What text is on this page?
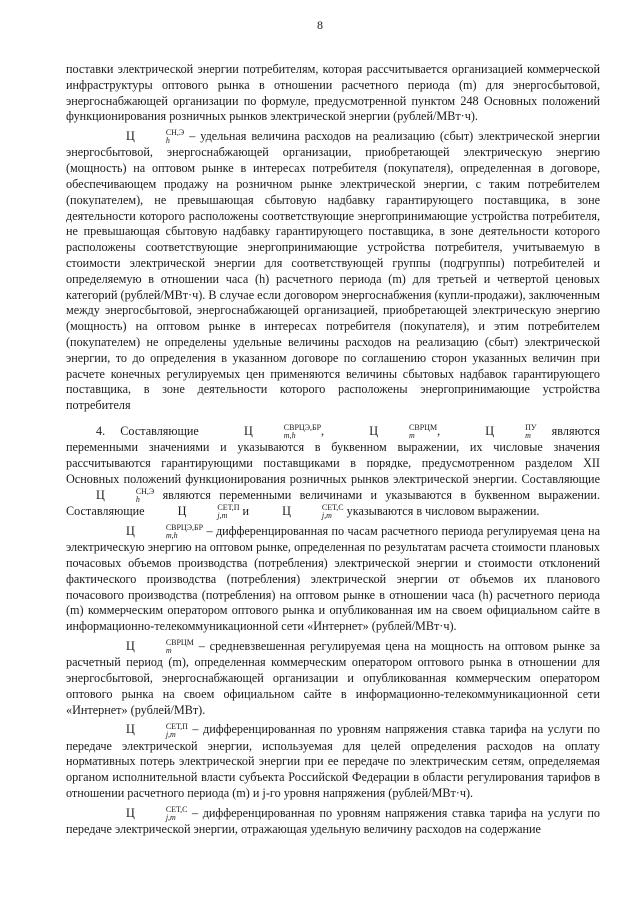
8

поставки электрической энергии потребителям, которая рассчитывается организацией коммерческой инфраструктуры оптового рынка в отношении расчетного периода (m) для энергосбытовой, энергоснабжающей организации по формуле, предусмотренной пунктом 248 Основных положений функционирования розничных рынков электрической энергии (рублей/МВт·ч).

Ц	СН,Э
h	– удельная величина расходов на реализацию (сбыт) электрической энергии энергосбытовой, энергоснабжающей организации, приобретающей электрическую энергию (мощность) на оптовом рынке в интересах потребителя (покупателя), определенная в договоре, обеспечивающем продажу на розничном рынке электрической энергии, с таким потребителем (покупателем), не превышающая сбытовую надбавку гарантирующего поставщика, в зоне деятельности которого расположены соответствующие энергопринимающие устройства потребителя, не превышающая сбытовую надбавку гарантирующего поставщика, в зоне деятельности которого расположены соответствующие энергопринимающие устройства потребителя, учитываемую в стоимости электрической энергии для соответствующей группы (подгруппы) потребителей и определяемую в отношении часа (h) расчетного периода (m) для третьей и четвертой ценовых категорий (рублей/МВт·ч). В случае если договором энергоснабжения (купли-продажи), заключенным между энергосбытовой, энергоснабжающей организацией, приобретающей электрическую энергию (мощность) на оптовом рынке в интересах потребителя (покупателя), и этим потребителем (покупателем) не определены удельные величины расходов на реализацию (сбыт) электрической энергии, то до определения в указанном договоре по соглашению сторон указанных величин при расчете конечных регулируемых цен применяются величины сбытовых надбавок гарантирующего поставщика, в зоне деятельности которого расположены энергопринимающие устройства потребителя

4. Составляющие Ц	СВРЦЭ,БР
m,h	, Ц	СВРЦМ
m	, Ц	ПУ
m являются переменными значениями и указываются в буквенном выражении, их числовые значения рассчитываются гарантирующими поставщиками в порядке, предусмотренном разделом XII Основных положений функционирования розничных рынков электрической энергии. Составляющие Ц	СН,Э
h	являются переменными величинами и указываются в буквенном выражении. Составляющие Ц	СЕТ,П
j,m и Ц	СЕТ,С
j,m указываются в числовом выражении.

Ц	СВРЦЭ,БР
m,h	– дифференцированная по часам расчетного периода регулируемая цена на электрическую энергию на оптовом рынке, определенная по результатам расчета стоимости плановых почасовых объемов производства (потребления) электрической энергии и стоимости отклонений фактического производства (потребления) электрической энергии от объемов их планового почасового производства (потребления) на оптовом рынке в отношении часа (h) расчетного периода (m) коммерческим оператором оптового рынка и опубликованная им на своем официальном сайте в информационно-телекоммуникационной сети «Интернет» (рублей/МВт·ч).

Ц	СВРЦМ
m	– средневзвешенная регулируемая цена на мощность на оптовом рынке за расчетный период (m), определенная коммерческим оператором оптового рынка в отношении для энергосбытовой, энергоснабжающей организации и опубликованная коммерческим оператором оптового рынка на своем официальном сайте в информационно-телекоммуникационной сети «Интернет» (рублей/МВт).

Ц	СЕТ,П
j,m – дифференцированная по уровням напряжения ставка тарифа на услуги по передаче электрической энергии, используемая для целей определения расходов на оплату нормативных потерь электрической энергии при ее передаче по электрическим сетям, определяемая органом исполнительной власти субъекта Российской Федерации в области регулирования тарифов в отношении расчетного периода (m) и j-го уровня напряжения (рублей/МВт·ч).

Ц	СЕТ,С
j,m – дифференцированная по уровням напряжения ставка тарифа на услуги по передаче электрической энергии, отражающая удельную величину расходов на содержание
